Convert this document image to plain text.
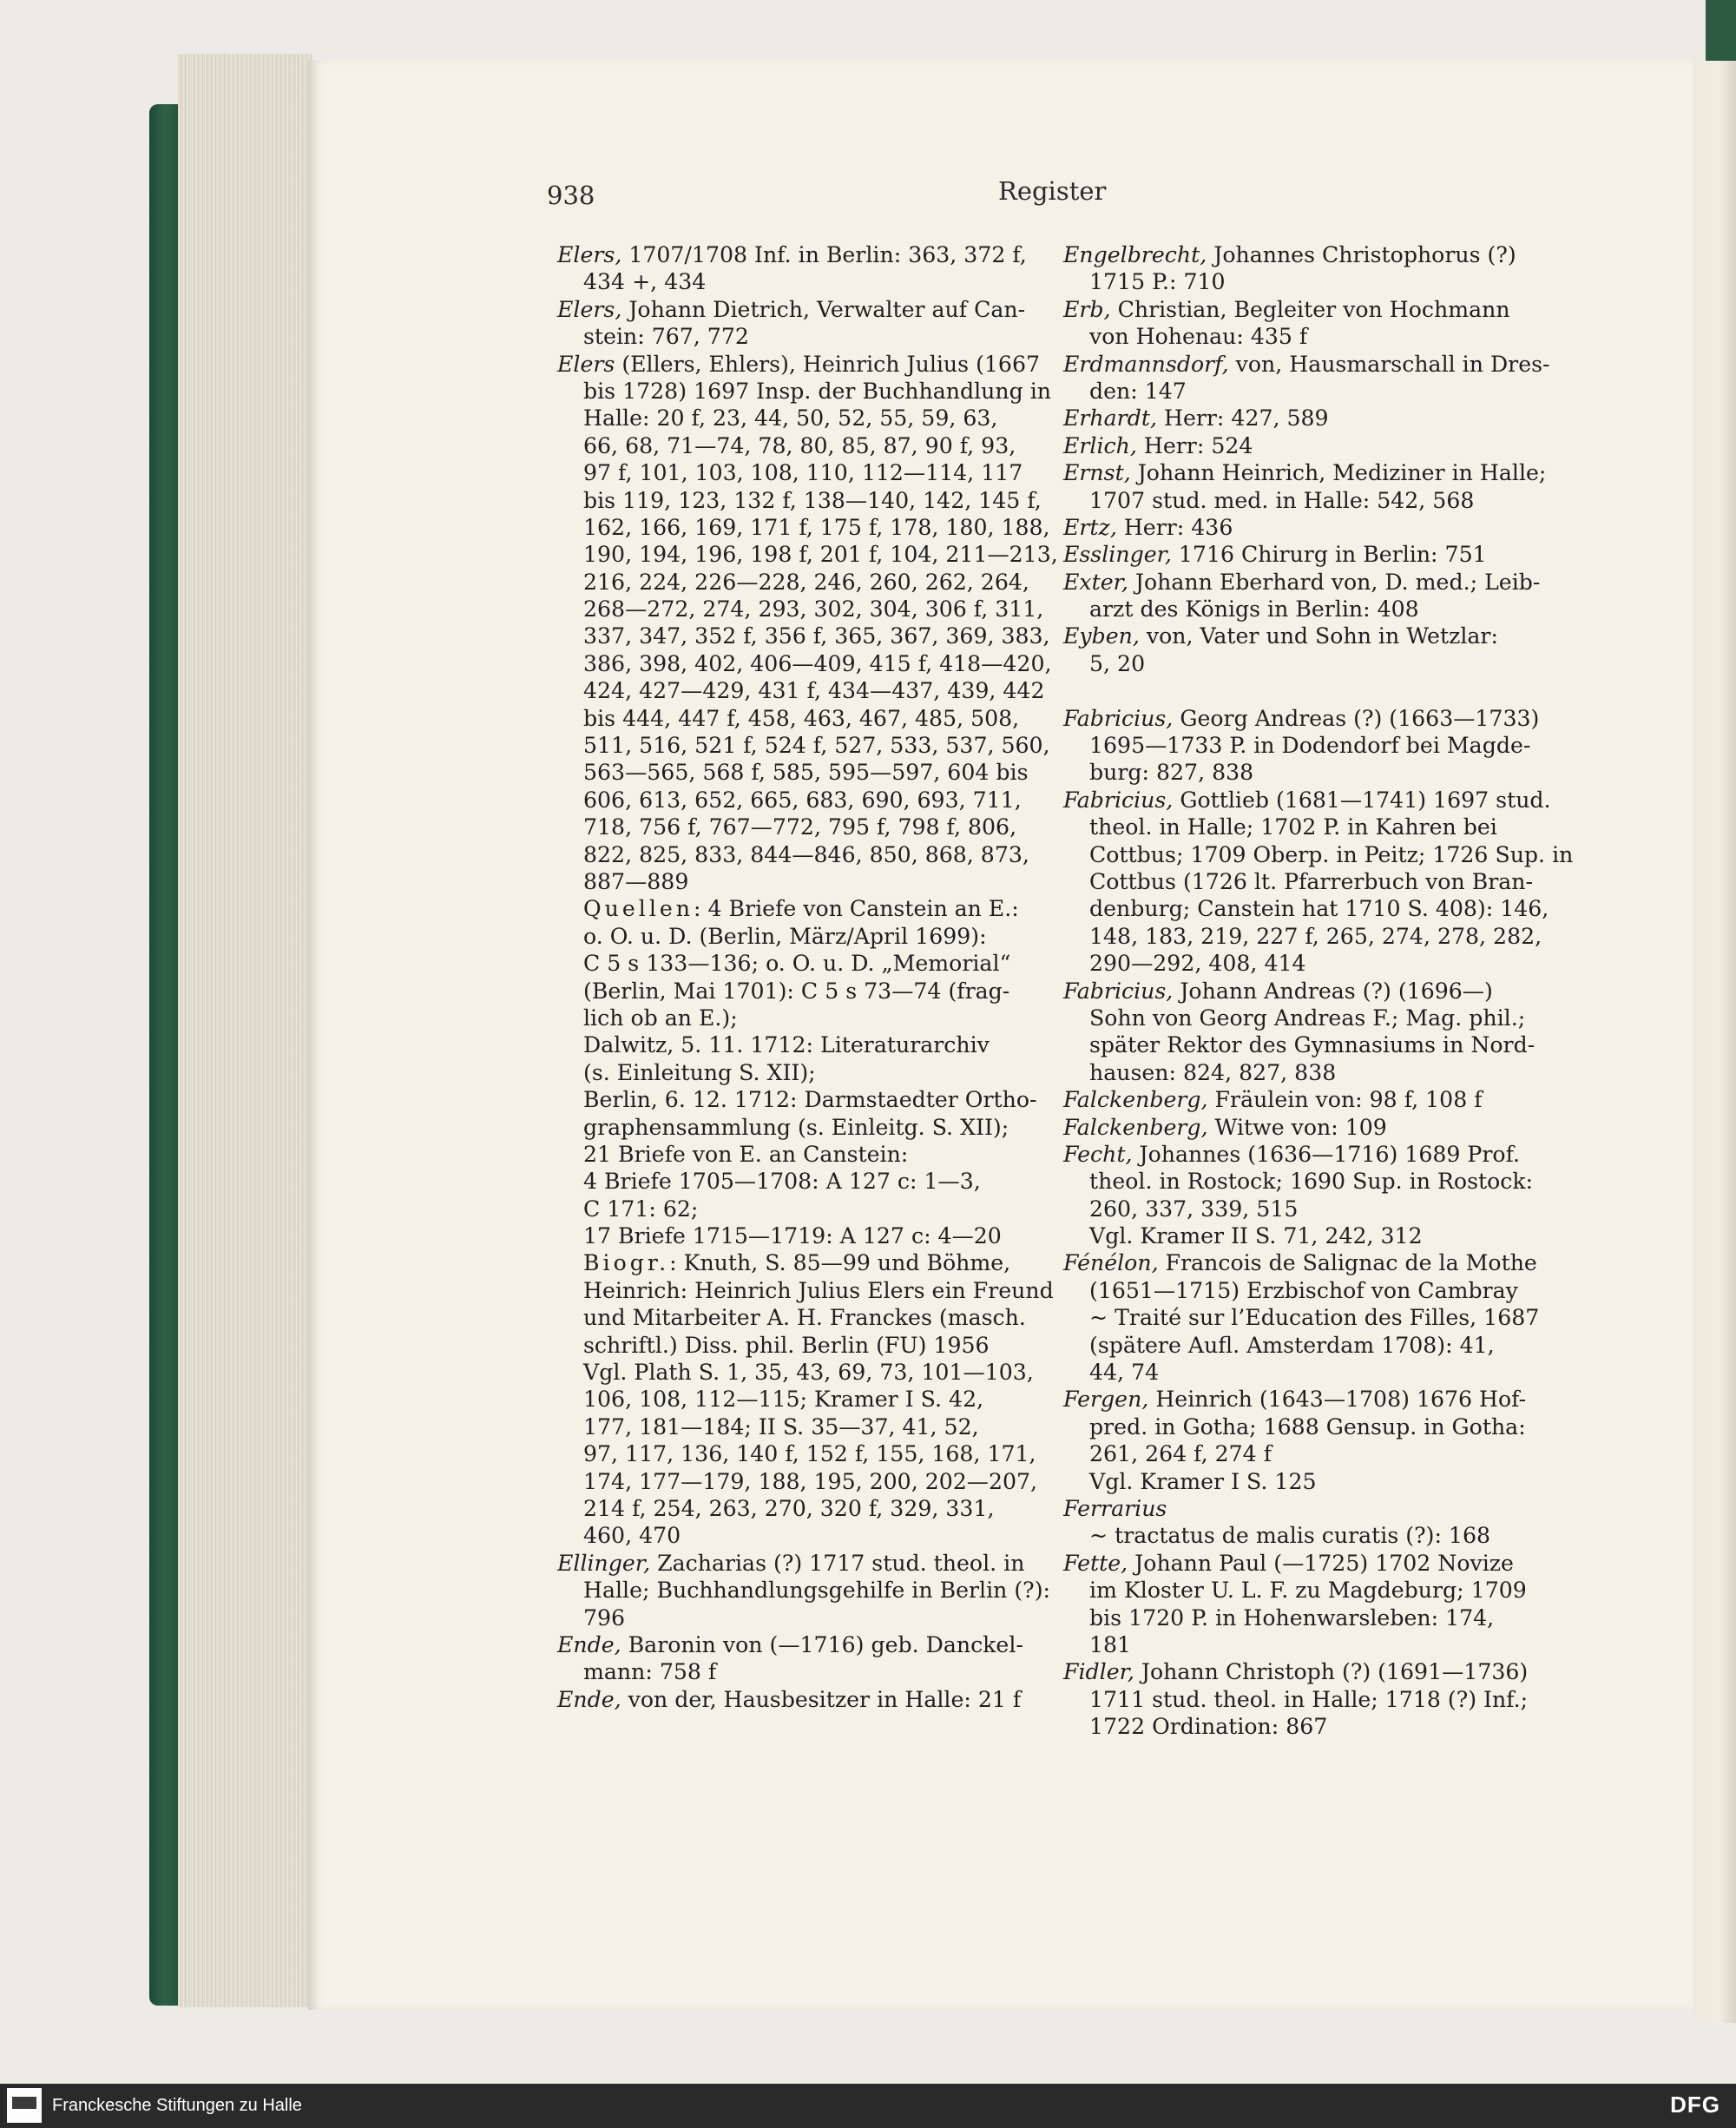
938	Register
Elers, 1707/1708 Inf. in Berlin: 363, 372 f,
434 +, 434
Elers, Johann Dietrich, Verwalter auf Can-
stein: 767, 772
Elers (Ellers, Ehlers), Heinrich Julius (1667
bis 1728) 1697 Insp. der Buchhandlung in
Halle: 20 f, 23, 44, 50, 52, 55, 59, 63,
66, 68, 71—74, 78, 80, 85, 87, 90 f, 93,
97 f, 101, 103, 108, 110, 112—114, 117
bis 119, 123, 132 f, 138—140, 142, 145 f,
162, 166, 169, 171 f, 175 f, 178, 180, 188,
190, 194, 196, 198 f, 201 f, 104, 211—213,
216, 224, 226—228, 246, 260, 262, 264,
268—272, 274, 293, 302, 304, 306 f, 311,
337, 347, 352 f, 356 f, 365, 367, 369, 383,
386, 398, 402, 406—409, 415 f, 418—420,
424, 427—429, 431 f, 434—437, 439, 442
bis 444, 447 f, 458, 463, 467, 485, 508,
511, 516, 521 f, 524 f, 527, 533, 537, 560,
563—565, 568 f, 585, 595—597, 604 bis
606, 613, 652, 665, 683, 690, 693, 711,
718, 756 f, 767—772, 795 f, 798 f, 806,
822, 825, 833, 844—846, 850, 868, 873,
887—889
Quellen: 4 Briefe von Canstein an E.:
o. O. u. D. (Berlin, März/April 1699):
C 5 s 133—136; o. O. u. D. „Memorial“
(Berlin, Mai 1701): C 5 s 73—74 (frag-
lich ob an E.);
Dalwitz, 5. 11. 1712: Literaturarchiv
(s. Einleitung S. XII);
Berlin, 6. 12. 1712: Darmstaedter Ortho-
graphensammlung (s. Einleitg. S. XII);
21 Briefe von E. an Canstein:
4 Briefe 1705—1708: A 127 c: 1—3,
C 171: 62;
17 Briefe 1715—1719: A 127 c: 4—20
Biogr.: Knuth, S. 85—99 und Böhme,
Heinrich: Heinrich Julius Elers ein Freund
und Mitarbeiter A. H. Franckes (masch.
schriftl.) Diss. phil. Berlin (FU) 1956
Vgl. Plath S. 1, 35, 43, 69, 73, 101—103,
106, 108, 112—115; Kramer I S. 42,
177, 181—184; II S. 35—37, 41, 52,
97, 117, 136, 140 f, 152 f, 155, 168, 171,
174, 177—179, 188, 195, 200, 202—207,
214 f, 254, 263, 270, 320 f, 329, 331,
460, 470
Ellinger, Zacharias (?) 1717 stud. theol. in
Halle; Buchhandlungsgehilfe in Berlin (?):
796
Ende, Baronin von (—1716) geb. Danckel-
mann: 758 f
Ende, von der, Hausbesitzer in Halle: 21 f
Engelbrecht, Johannes Christophorus (?)
1715 P.: 710
Erb, Christian, Begleiter von Hochmann
von Hohenau: 435 f
Erdmannsdorf, von, Hausmarschall in Dres-
den: 147
Erhardt, Herr: 427, 589
Erlich, Herr: 524
Ernst, Johann Heinrich, Mediziner in Halle;
1707 stud. med. in Halle: 542, 568
Ertz, Herr: 436
Esslinger, 1716 Chirurg in Berlin: 751
Exter, Johann Eberhard von, D. med.; Leib-
arzt des Königs in Berlin: 408
Eyben, von, Vater und Sohn in Wetzlar:
5, 20
Fabricius, Georg Andreas (?) (1663—1733)
1695—1733 P. in Dodendorf bei Magde-
burg: 827, 838
Fabricius, Gottlieb (1681—1741) 1697 stud.
theol. in Halle; 1702 P. in Kahren bei
Cottbus; 1709 Oberp. in Peitz; 1726 Sup. in
Cottbus (1726 lt. Pfarrerbuch von Bran-
denburg; Canstein hat 1710 S. 408): 146,
148, 183, 219, 227 f, 265, 274, 278, 282,
290—292, 408, 414
Fabricius, Johann Andreas (?) (1696—)
Sohn von Georg Andreas F.; Mag. phil.;
später Rektor des Gymnasiums in Nord-
hausen: 824, 827, 838
Falckenberg, Fräulein von: 98 f, 108 f
Falckenberg, Witwe von: 109
Fecht, Johannes (1636—1716) 1689 Prof.
theol. in Rostock; 1690 Sup. in Rostock:
260, 337, 339, 515
Vgl. Kramer II S. 71, 242, 312
Fénélon, Francois de Salignac de la Mothe
(1651—1715) Erzbischof von Cambray
~ Traité sur l’Education des Filles, 1687
(spätere Aufl. Amsterdam 1708): 41,
44, 74
Fergen, Heinrich (1643—1708) 1676 Hof-
pred. in Gotha; 1688 Gensup. in Gotha:
261, 264 f, 274 f
Vgl. Kramer I S. 125
Ferrarius
~ tractatus de malis curatis (?): 168
Fette, Johann Paul (—1725) 1702 Novize
im Kloster U. L. F. zu Magdeburg; 1709
bis 1720 P. in Hohenwarsleben: 174,
181
Fidler, Johann Christoph (?) (1691—1736)
1711 stud. theol. in Halle; 1718 (?) Inf.;
1722 Ordination: 867
Franckesche Stiftungen zu Halle	DFG
